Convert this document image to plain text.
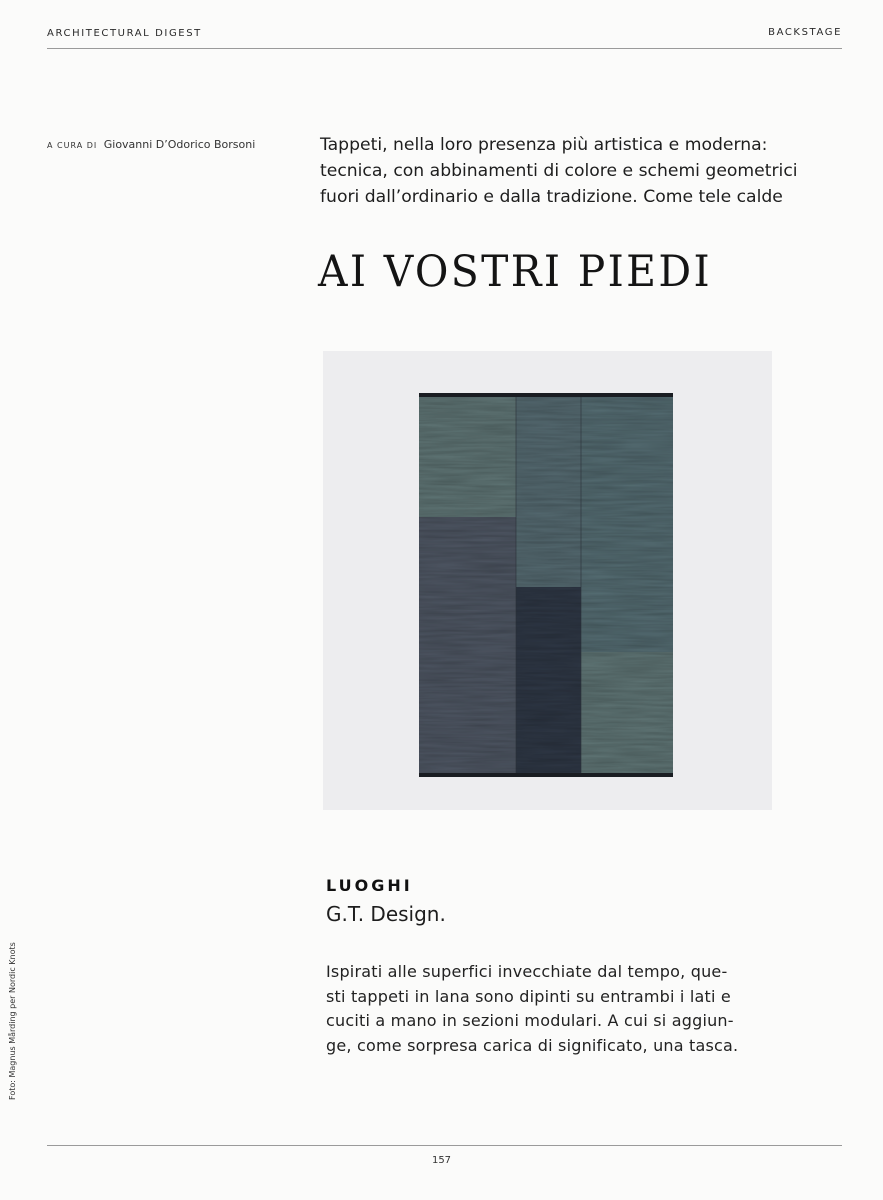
ARCHITECTURAL DIGEST	BACKSTAGE
A CURA DI Giovanni D’Odorico Borsoni	Tappeti, nella loro presenza più artistica e moderna:
tecnica, con abbinamenti di colore e schemi geometrici
fuori dall’ordinario e dalla tradizione. Come tele calde
AI VOSTRI PIEDI
Foto: Magnus Mårding per Nordic Knots
LUOGHI
G.T. Design.
Ispirati alle superfici invecchiate dal tempo, que-
sti tappeti in lana sono dipinti su entrambi i lati e
cuciti a mano in sezioni modulari. A cui si aggiun-
ge, come sorpresa carica di significato, una tasca.
157
